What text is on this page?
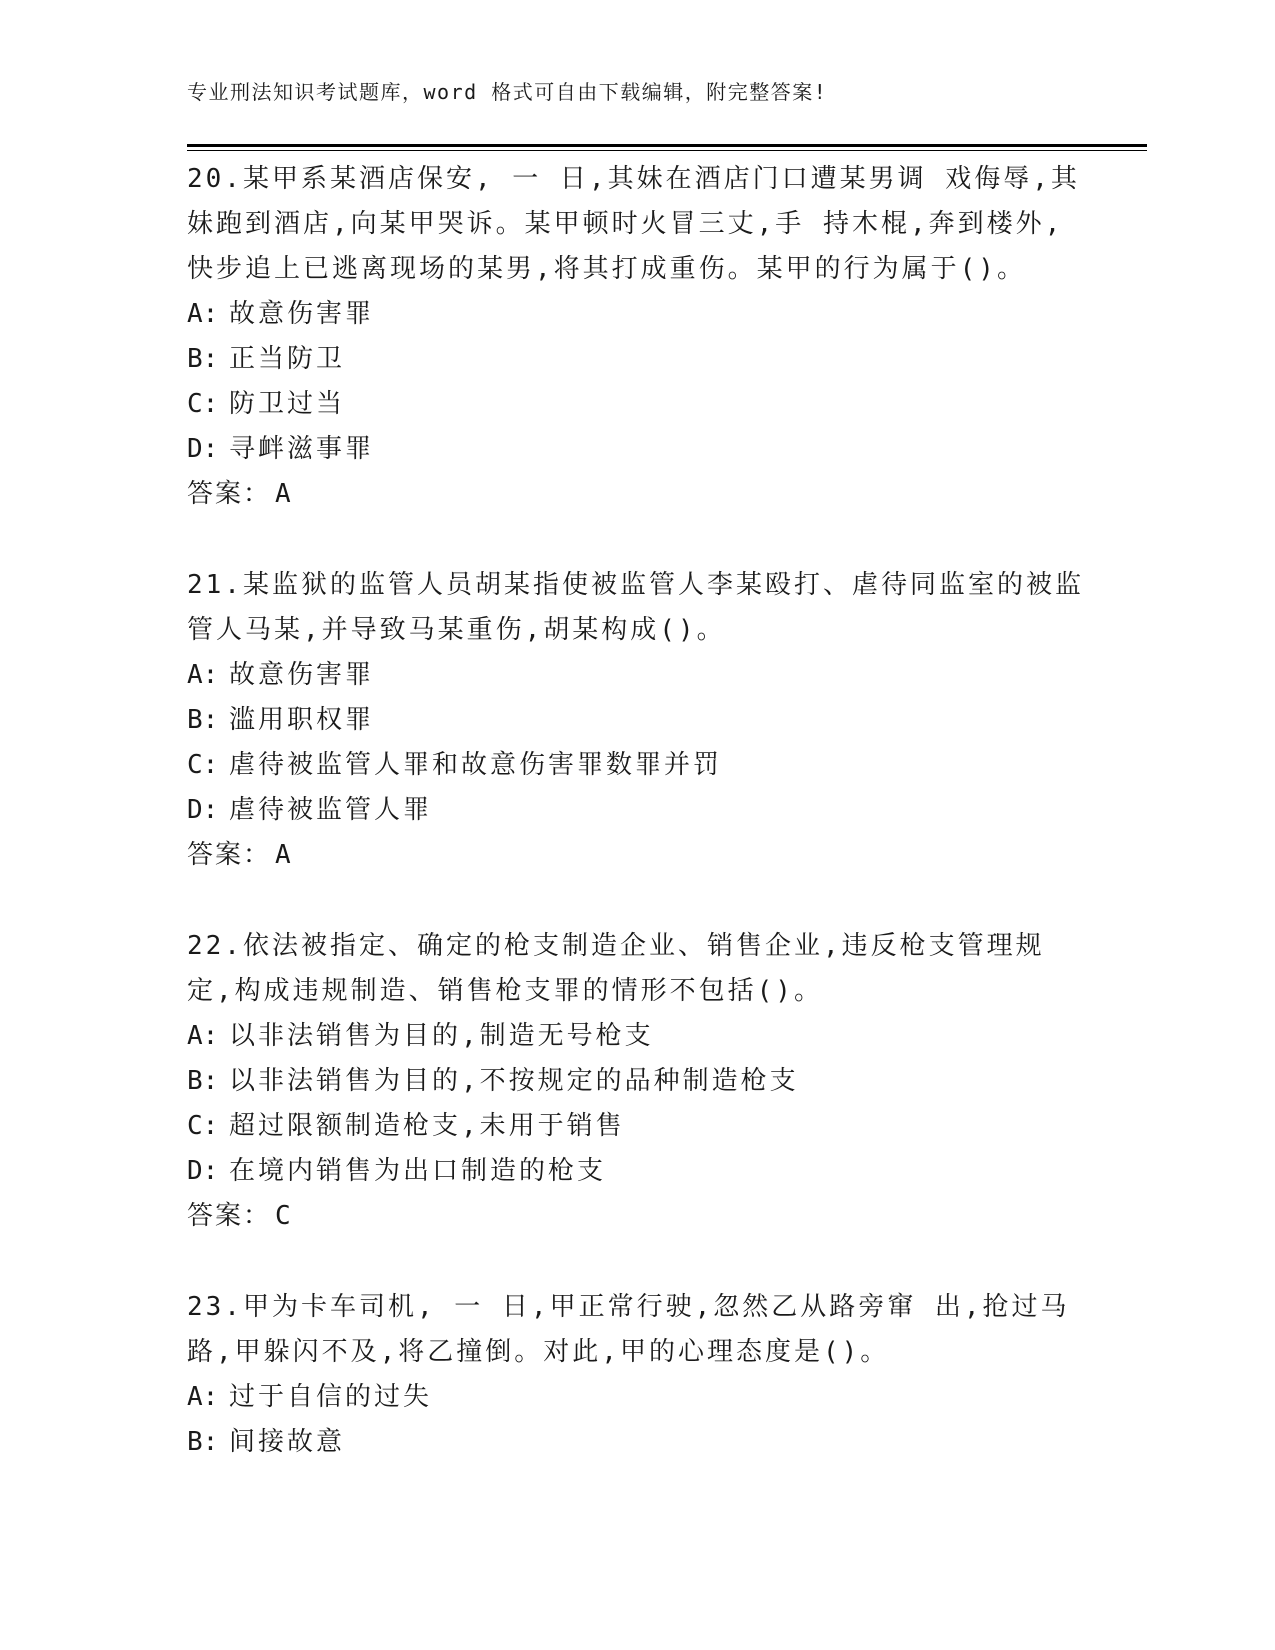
专业刑法知识考试题库，word 格式可自由下载编辑，附完整答案!

20.某甲系某酒店保安, 一 日,其妹在酒店门口遭某男调 戏侮辱,其妹跑到酒店,向某甲哭诉。某甲顿时火冒三丈,手 持木棍,奔到楼外,快步追上已逃离现场的某男,将其打成重伤。某甲的行为属于()。

A: 故意伤害罪

B: 正当防卫

C: 防卫过当

D: 寻衅滋事罪

答案： A

21.某监狱的监管人员胡某指使被监管人李某殴打、虐待同监室的被监管人马某,并导致马某重伤,胡某构成()。

A: 故意伤害罪

B: 滥用职权罪

C: 虐待被监管人罪和故意伤害罪数罪并罚

D: 虐待被监管人罪

答案： A

22.依法被指定、确定的枪支制造企业、销售企业,违反枪支管理规定,构成违规制造、销售枪支罪的情形不包括()。

A: 以非法销售为目的,制造无号枪支

B: 以非法销售为目的,不按规定的品种制造枪支

C: 超过限额制造枪支,未用于销售

D: 在境内销售为出口制造的枪支

答案： C

23.甲为卡车司机, 一 日,甲正常行驶,忽然乙从路旁窜 出,抢过马路,甲躲闪不及,将乙撞倒。对此,甲的心理态度是()。

A: 过于自信的过失

B: 间接故意
